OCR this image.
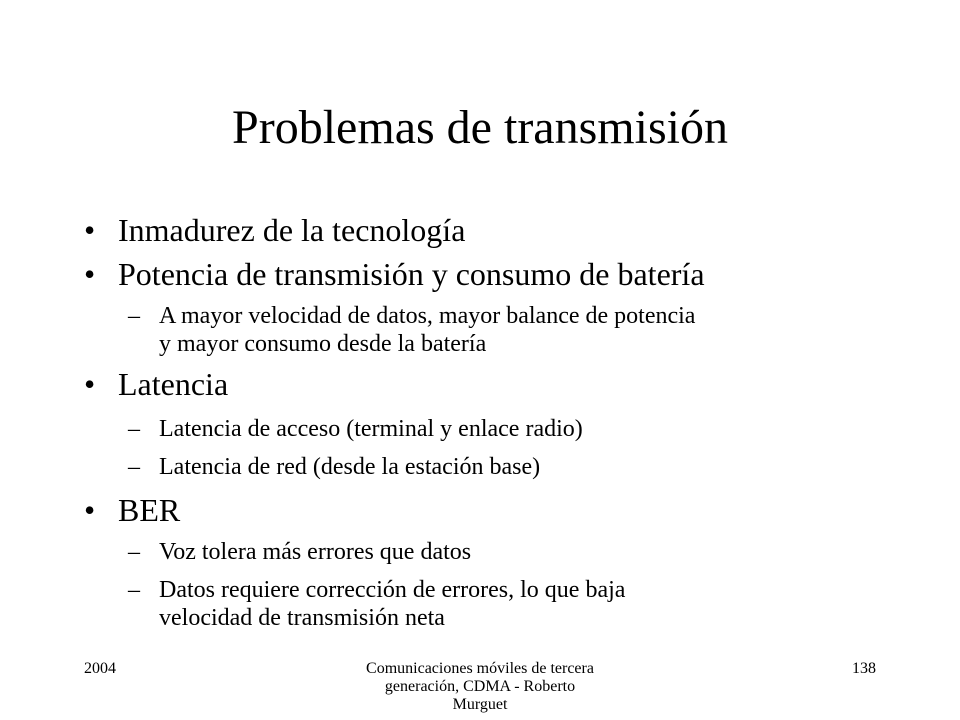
Problemas de transmisión
• Inmadurez de la tecnología
• Potencia de transmisión y consumo de batería
– A mayor velocidad de datos, mayor balance de potencia
y mayor consumo desde la batería
• Latencia
– Latencia de acceso (terminal y enlace radio)
– Latencia de red (desde la estación base)
• BER
– Voz tolera más errores que datos
– Datos requiere corrección de errores, lo que baja
velocidad de transmisión neta
2004	Comunicaciones móviles de tercera
generación, CDMA - Roberto
Murguet
138
